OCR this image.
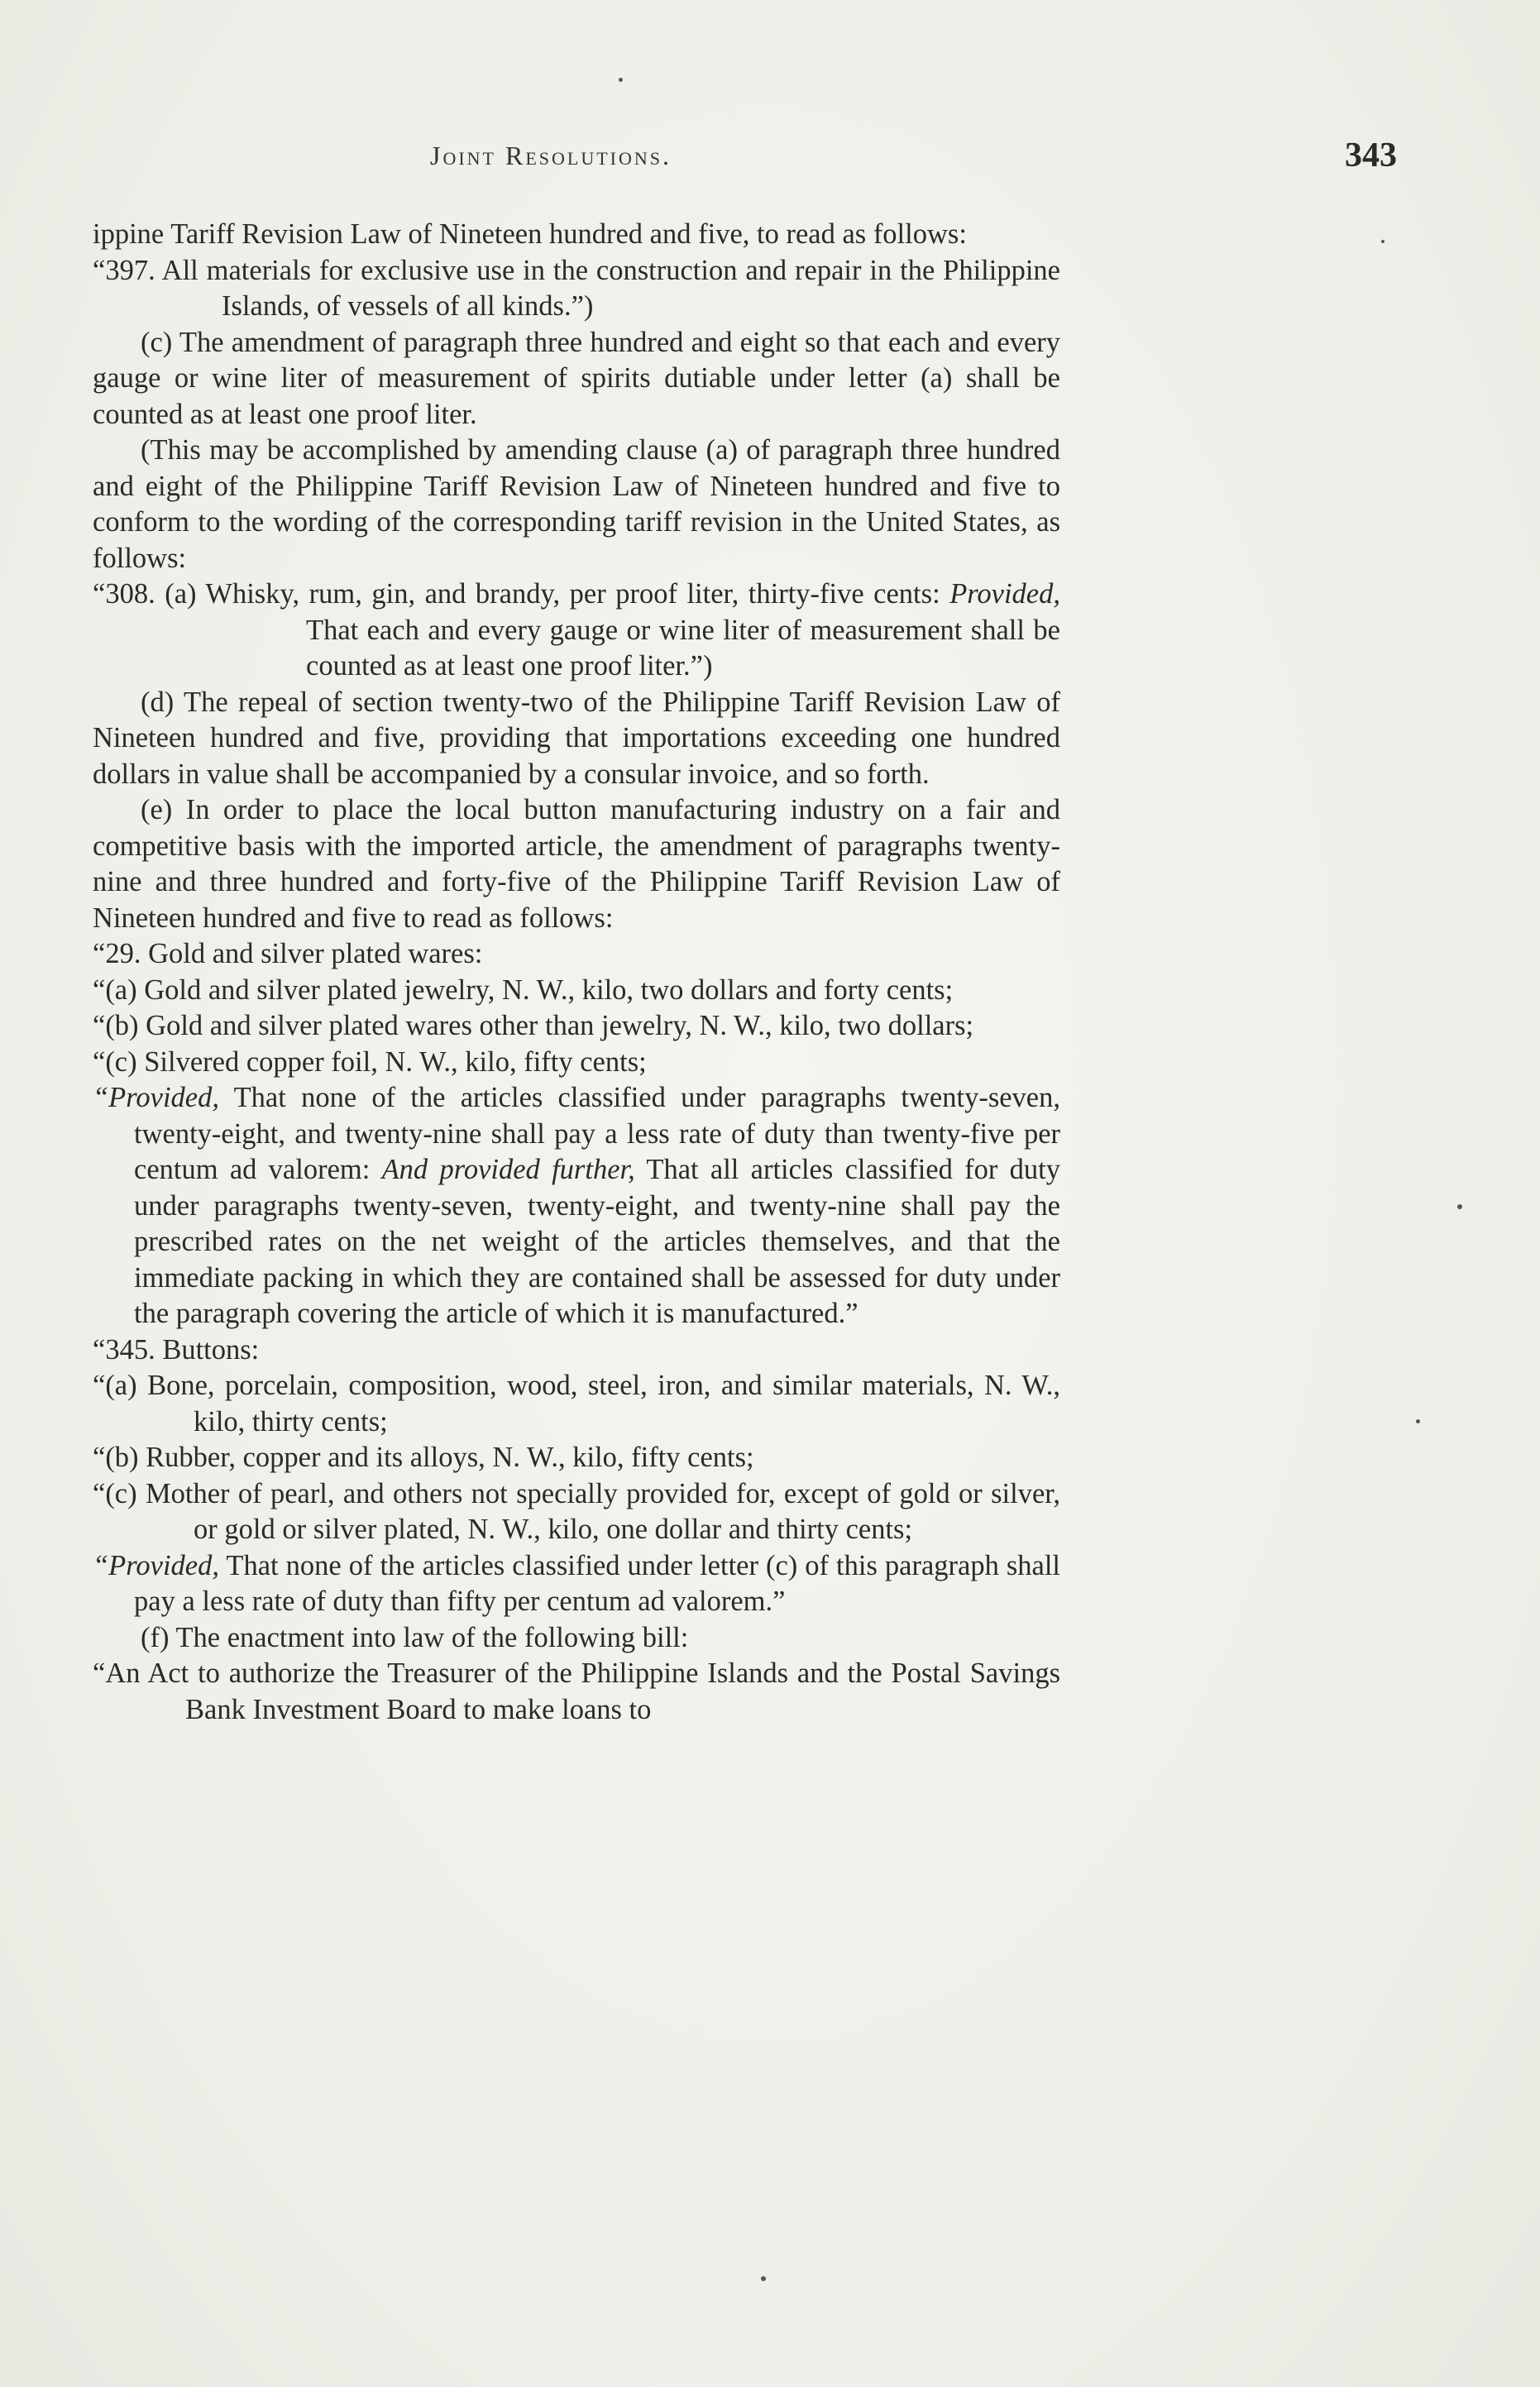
Joint Resolutions.	343

ippine Tariff Revision Law of Nineteen hundred and five, to read as follows:

“397. All materials for exclusive use in the construction and repair in the Philippine Islands, of vessels of all kinds.”)

(c) The amendment of paragraph three hundred and eight so that each and every gauge or wine liter of measurement of spirits dutiable under letter (a) shall be counted as at least one proof liter.

(This may be accomplished by amending clause (a) of paragraph three hundred and eight of the Philippine Tariff Revision Law of Nineteen hundred and five to conform to the wording of the corresponding tariff revision in the United States, as follows:

“308. (a) Whisky, rum, gin, and brandy, per proof liter, thirty-five cents: Provided, That each and every gauge or wine liter of measurement shall be counted as at least one proof liter.”)

(d) The repeal of section twenty-two of the Philippine Tariff Revision Law of Nineteen hundred and five, providing that importations exceeding one hundred dollars in value shall be accompanied by a consular invoice, and so forth.

(e) In order to place the local button manufacturing industry on a fair and competitive basis with the imported article, the amendment of paragraphs twenty-nine and three hundred and forty-five of the Philippine Tariff Revision Law of Nineteen hundred and five to read as follows:

“29. Gold and silver plated wares:

“(a) Gold and silver plated jewelry, N. W., kilo, two dollars and forty cents;

“(b) Gold and silver plated wares other than jewelry, N. W., kilo, two dollars;

“(c) Silvered copper foil, N. W., kilo, fifty cents;

“Provided, That none of the articles classified under paragraphs twenty-seven, twenty-eight, and twenty-nine shall pay a less rate of duty than twenty-five per centum ad valorem: And provided further, That all articles classified for duty under paragraphs twenty-seven, twenty-eight, and twenty-nine shall pay the prescribed rates on the net weight of the articles themselves, and that the immediate packing in which they are contained shall be assessed for duty under the paragraph covering the article of which it is manufactured.”

“345. Buttons:

“(a) Bone, porcelain, composition, wood, steel, iron, and similar materials, N. W., kilo, thirty cents;

“(b) Rubber, copper and its alloys, N. W., kilo, fifty cents;

“(c) Mother of pearl, and others not specially provided for, except of gold or silver, or gold or silver plated, N. W., kilo, one dollar and thirty cents;

“Provided, That none of the articles classified under letter (c) of this paragraph shall pay a less rate of duty than fifty per centum ad valorem.”

(f) The enactment into law of the following bill:

“An Act to authorize the Treasurer of the Philippine Islands and the Postal Savings Bank Investment Board to make loans to
